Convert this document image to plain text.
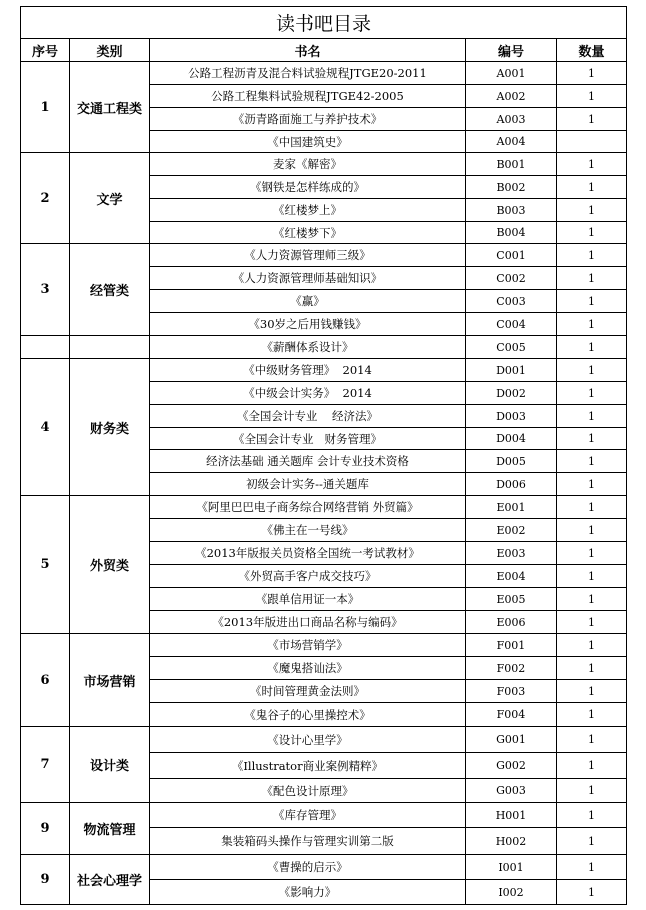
读书吧目录				
序号	类别	书名	编号	数量
1	交通工程类	公路工程沥青及混合料试验规程JTGE20-2011	A001	1
		公路工程集料试验规程JTGE42-2005	A002	1
		《沥青路面施工与养护技术》	A003	1
		《中国建筑史》	A004	
2	文学	麦家《解密》	B001	1
		《钢铁是怎样练成的》	B002	1
		《红楼梦上》	B003	1
		《红楼梦下》	B004	1
3	经管类	《人力资源管理师三级》	C001	1
		《人力资源管理师基础知识》	C002	1
		《赢》	C003	1
		《30岁之后用钱赚钱》	C004	1
		《薪酬体系设计》	C005	1
4	财务类	《中级财务管理》  2014	D001	1
		《中级会计实务》  2014	D002	1
		《全国会计专业    经济法》	D003	1
		《全国会计专业   财务管理》	D004	1
		经济法基础 通关题库 会计专业技术资格	D005	1
		初级会计实务--通关题库	D006	1
5	外贸类	《阿里巴巴电子商务综合网络营销 外贸篇》	E001	1
		《佛主在一号线》	E002	1
		《2013年版报关员资格全国统一考试教材》	E003	1
		《外贸高手客户成交技巧》	E004	1
		《跟单信用证一本》	E005	1
		《2013年版进出口商品名称与编码》	E006	1
6	市场营销	《市场营销学》	F001	1
		《魔鬼搭讪法》	F002	1
		《时间管理黄金法则》	F003	1
		《鬼谷子的心里操控术》	F004	1
7	设计类	《设计心里学》	G001	1
		《Illustrator商业案例精粹》	G002	1
		《配色设计原理》	G003	1
9	物流管理	《库存管理》	H001	1
		集装箱码头操作与管理实训第二版	H002	1
9	社会心理学	《曹操的启示》	I001	1
		《影响力》	I002	1
